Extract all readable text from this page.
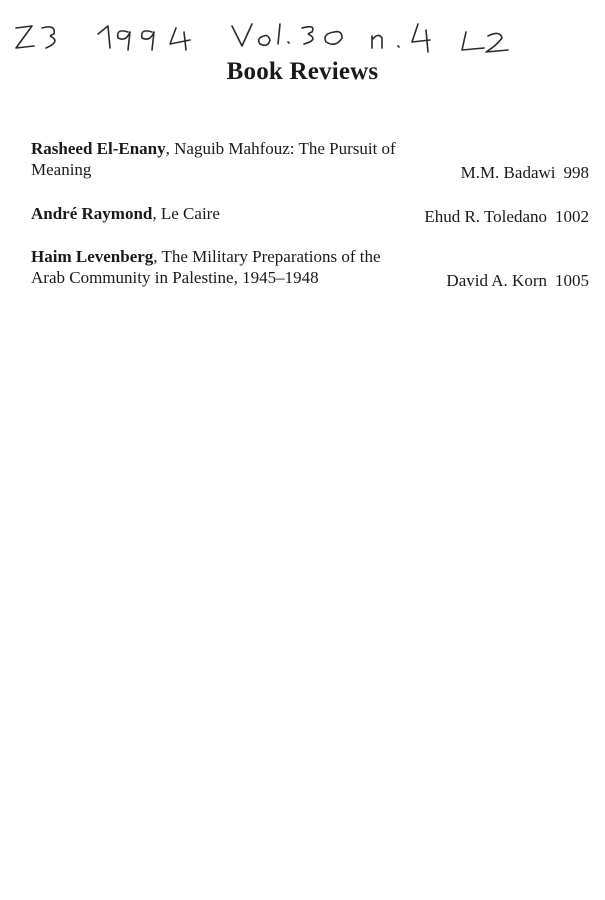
Book Reviews
Rasheed El-Enany, Naguib Mahfouz: The Pursuit of Meaning	M.M. Badawi 998
André Raymond, Le Caire	Ehud R. Toledano 1002
Haim Levenberg, The Military Preparations of the Arab Community in Palestine, 1945–1948	David A. Korn 1005
